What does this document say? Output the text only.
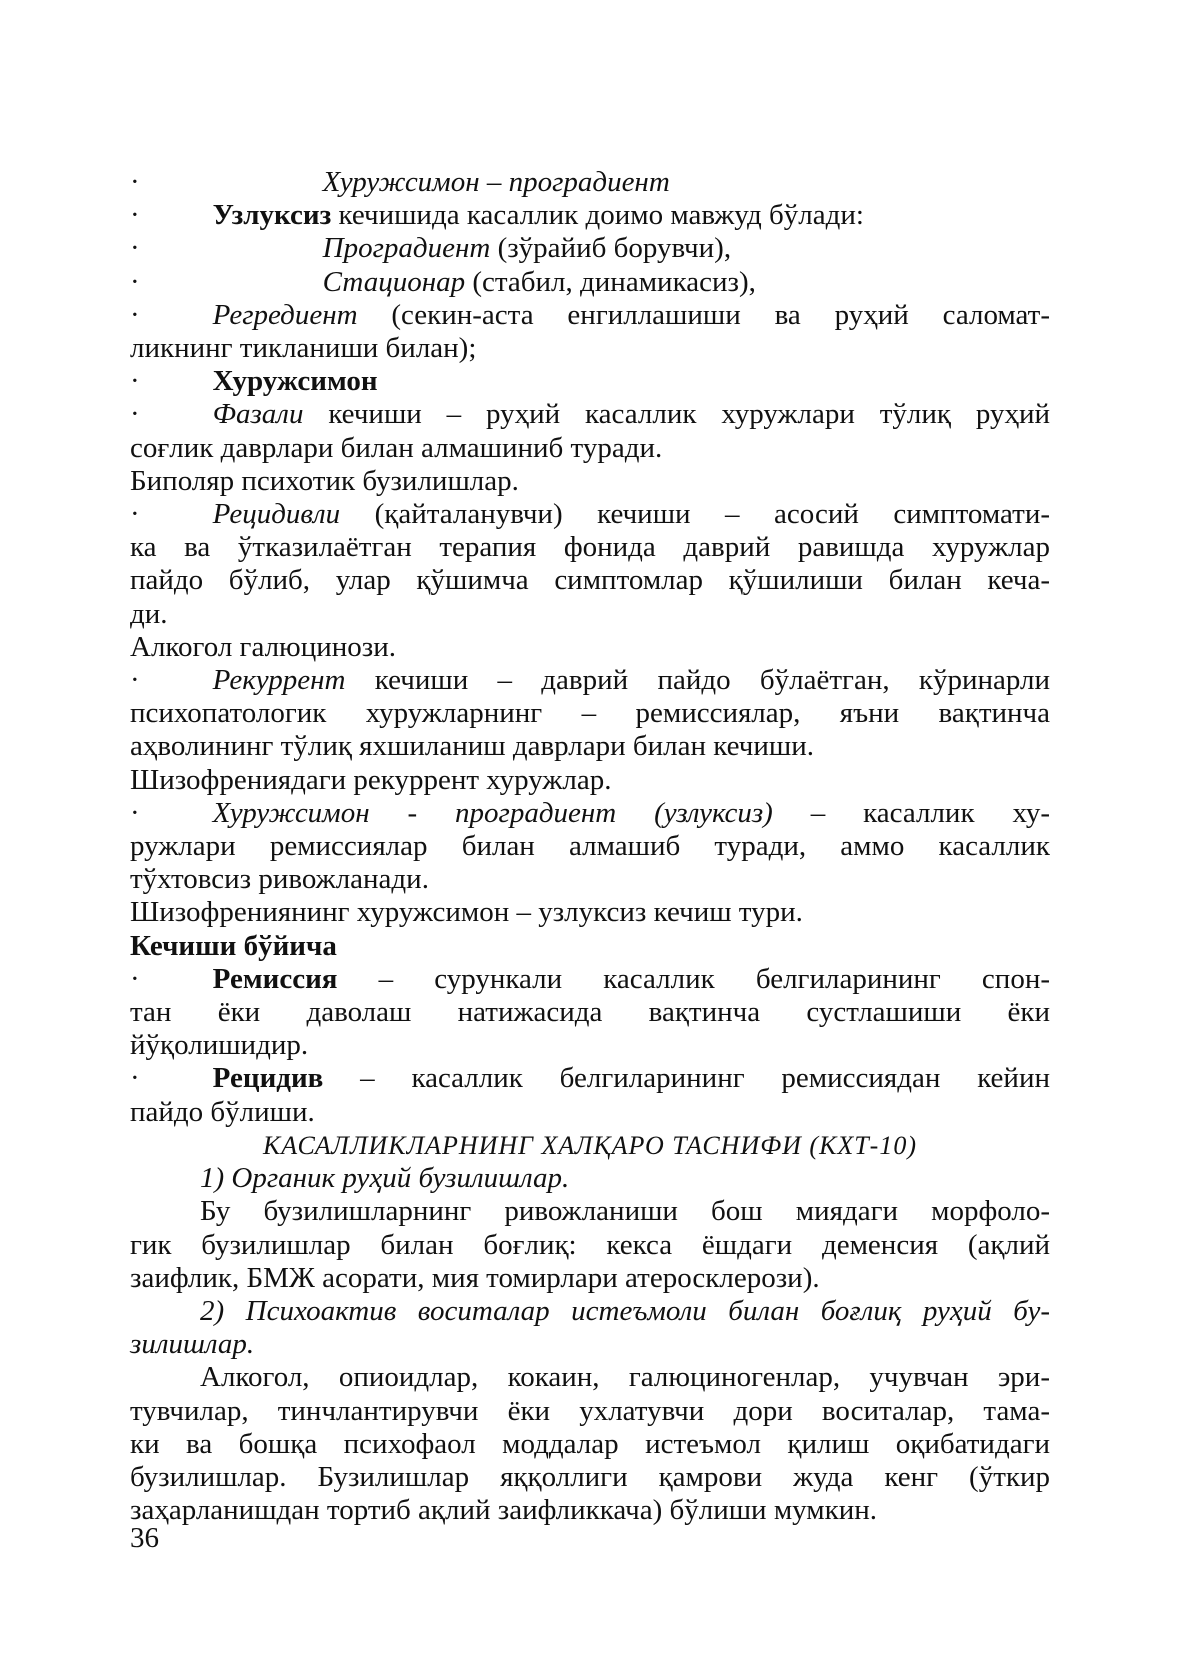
·	Хуружсимон – проградиент

·	Узлуксиз кечишида касаллик доимо мавжуд бўлади:

·	Проградиент (зўрайиб борувчи),

·	Стационар (стабил, динамикасиз),

·	Регредиент (секин-аста енгиллашиши ва руҳий саломат-

ликнинг тикланиши билан);

·	Хуружсимон

·	Фазали кечиши – руҳий касаллик хуружлари тўлиқ руҳий

соғлик даврлари билан алмашиниб туради.

Биполяр психотик бузилишлар.

·	Рецидивли (қайталанувчи) кечиши – асосий симптомати-

ка ва ўтказилаётган терапия фонида даврий равишда хуружлар

пайдо бўлиб, улар қўшимча симптомлар қўшилиши билан кеча-

ди.

Алкогол галюцинози.

·	Рекуррент кечиши – даврий пайдо бўлаётган, кўринарли

психопатологик хуружларнинг – ремиссиялар, яъни вақтинча

аҳволининг тўлиқ яхшиланиш даврлари билан кечиши.

Шизофрениядаги рекуррент хуружлар.

·	Хуружсимон - проградиент (узлуксиз) – касаллик ху-

ружлари ремиссиялар билан алмашиб туради, аммо касаллик

тўхтовсиз ривожланади.

Шизофрениянинг хуружсимон – узлуксиз кечиш тури.

Кечиши бўйича

·	Ремиссия – сурункали касаллик белгиларининг спон-

тан ёки даволаш натижасида вақтинча сустлашиши ёки

йўқолишидир.

·	Рецидив – касаллик белгиларининг ремиссиядан кейин

пайдо бўлиши.

КАСАЛЛИКЛАРНИНГ ХАЛҚАРО ТАСНИФИ (КХТ-10)

1) Органик руҳий бузилишлар.

Бу бузилишларнинг ривожланиши бош миядаги морфоло-

гик бузилишлар билан боғлиқ: кекса ёшдаги деменсия (ақлий

заифлик, БМЖ асорати, мия томирлари атеросклерози).

2) Психоактив воситалар истеъмоли билан боғлиқ руҳий бу-

зилишлар.

Алкогол, опиоидлар, кокаин, галюциногенлар, учувчан эри-

тувчилар, тинчлантирувчи ёки ухлатувчи дори воситалар, тама-

ки ва бошқа психофаол моддалар истеъмол қилиш оқибатидаги

бузилишлар. Бузилишлар яққоллиги қамрови жуда кенг (ўткир

заҳарланишдан тортиб ақлий заифликкача) бўлиши мумкин.

36
